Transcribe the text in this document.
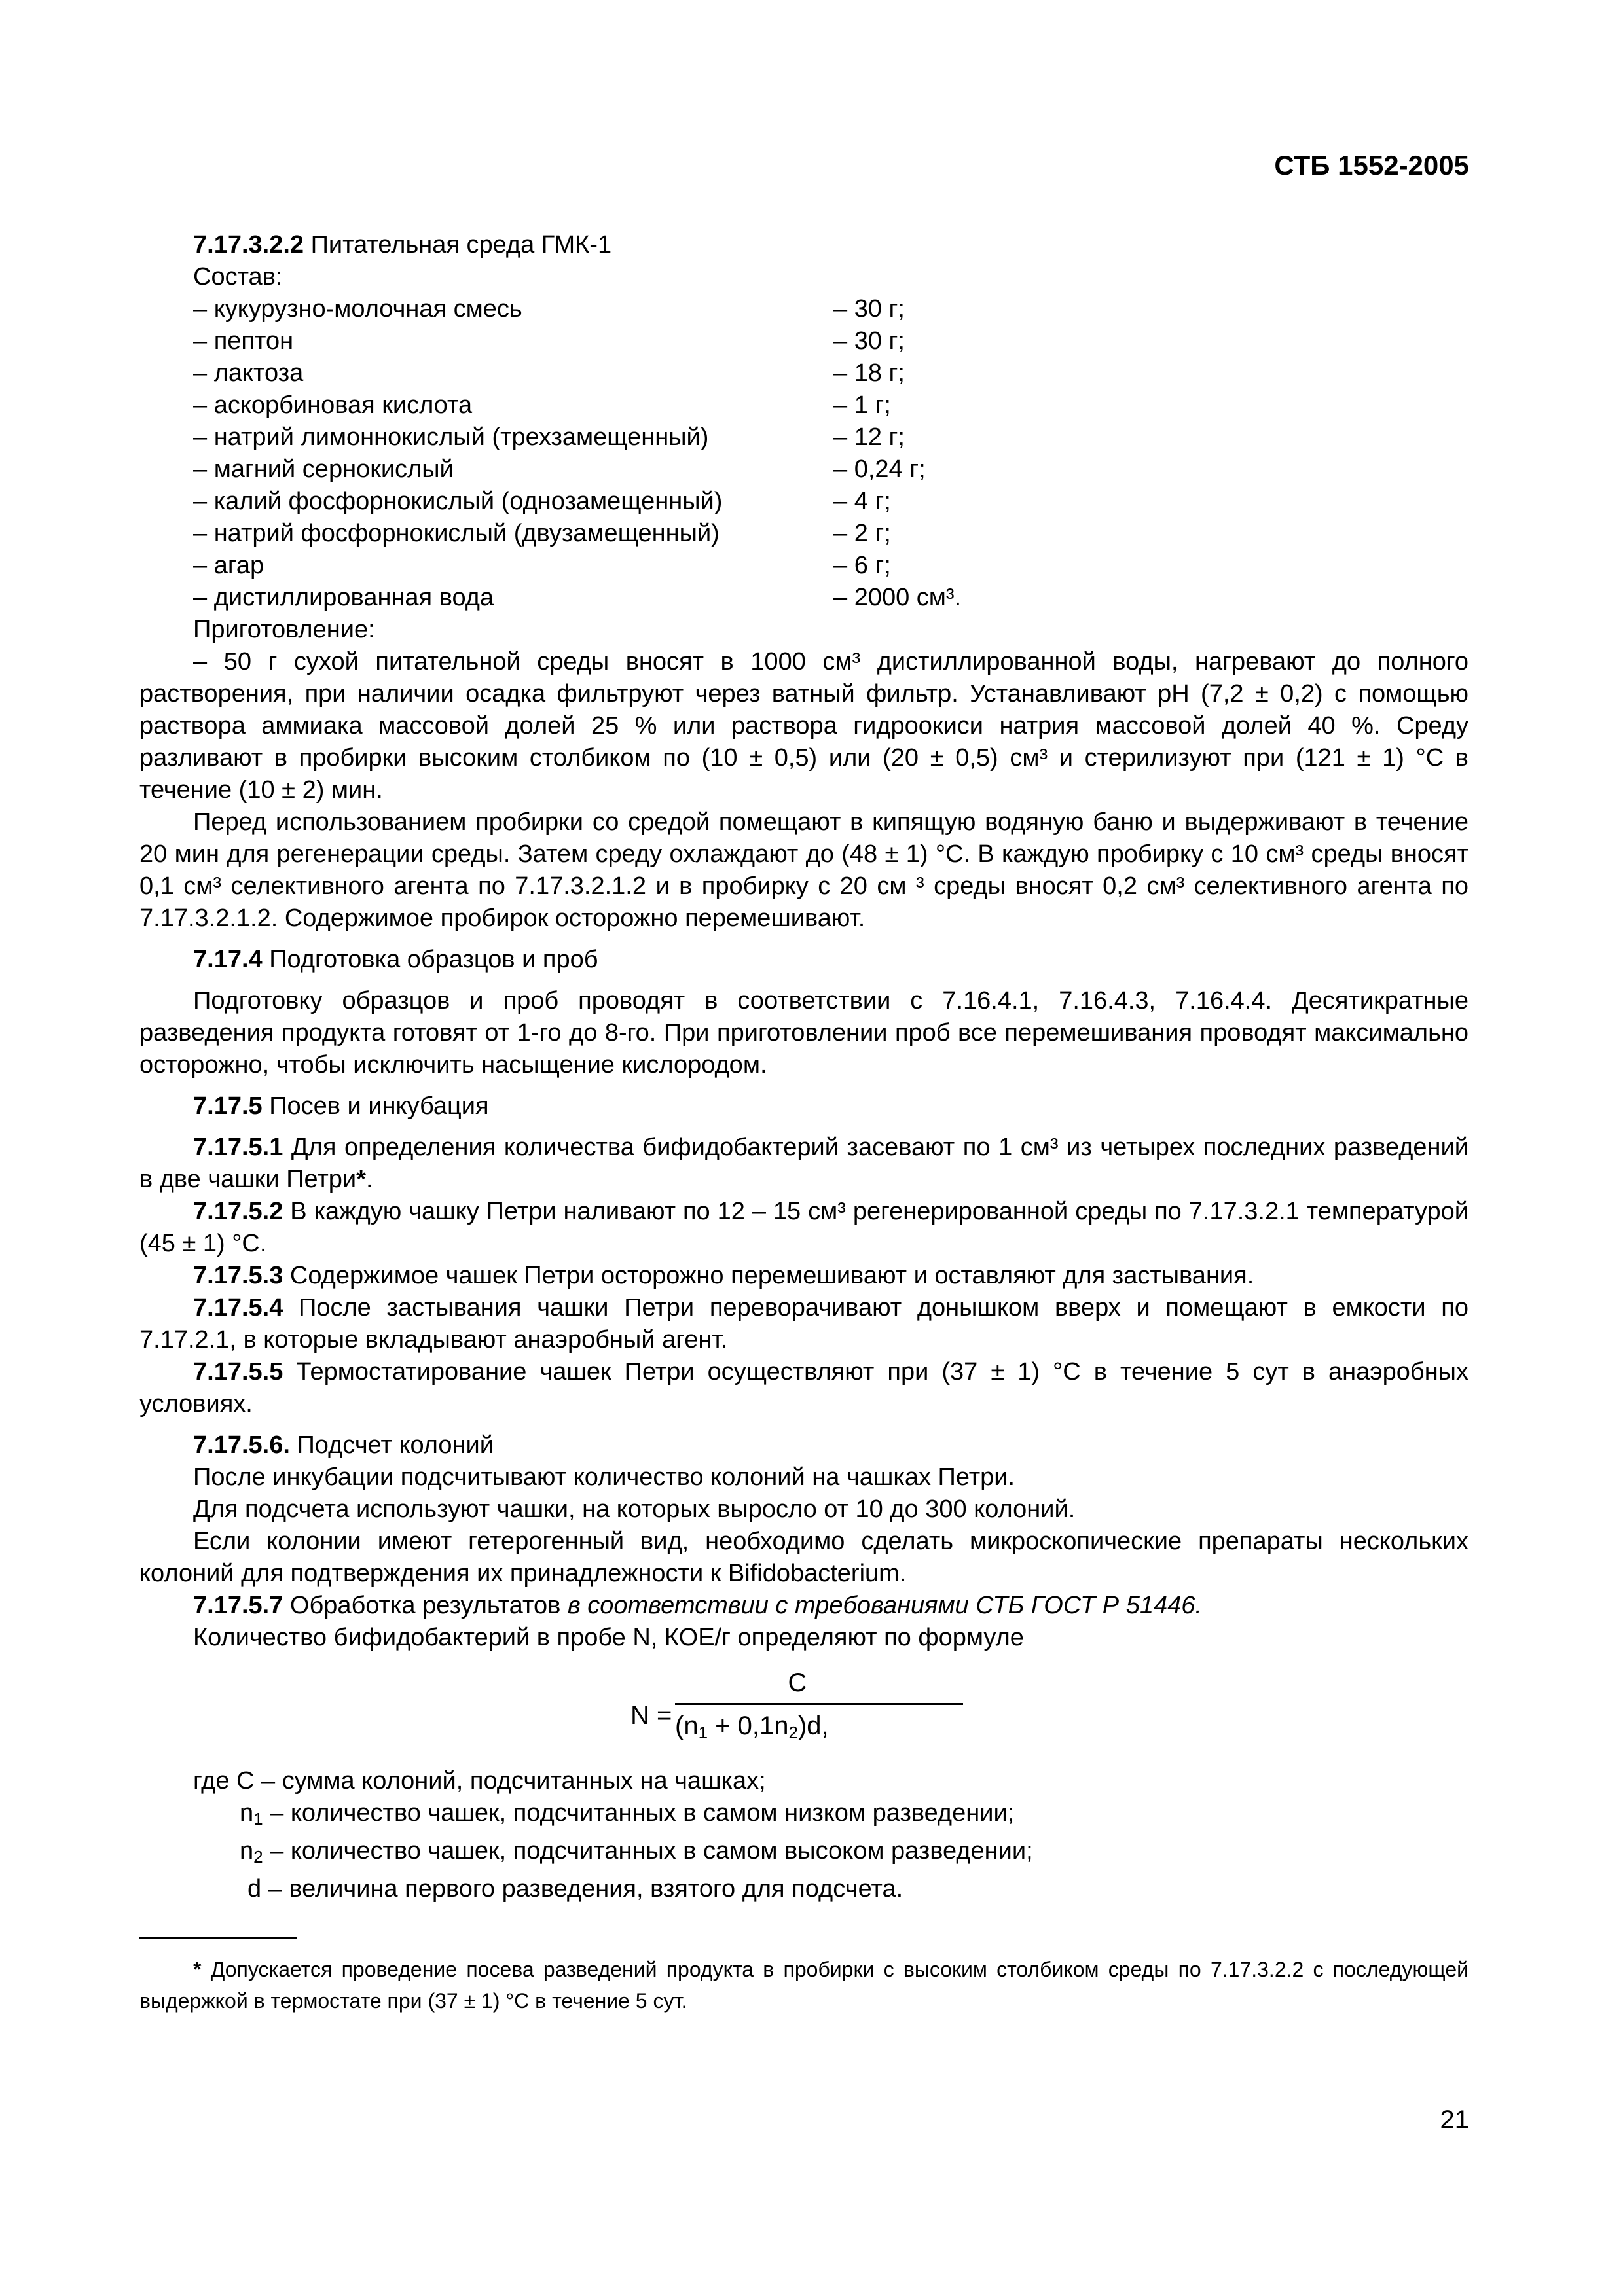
СТБ 1552-2005

7.17.3.2.2 Питательная среда ГМК-1

Состав:

– кукурузно-молочная смесь	– 30 г;
– пептон	– 30 г;
– лактоза	– 18 г;
– аскорбиновая кислота	– 1 г;
– натрий лимоннокислый (трехзамещенный)	– 12 г;
– магний сернокислый	– 0,24 г;
– калий фосфорнокислый (однозамещенный)	– 4 г;
– натрий фосфорнокислый (двузамещенный)	– 2 г;
– агар	– 6 г;
– дистиллированная вода	– 2000 см³.

Приготовление:

– 50 г сухой питательной среды вносят в 1000 см³ дистиллированной воды, нагревают до полного растворения, при наличии осадка фильтруют через ватный фильтр. Устанавливают рН (7,2 ± 0,2) с помощью раствора аммиака массовой долей 25 % или раствора гидроокиси натрия массовой долей 40 %. Среду разливают в пробирки высоким столбиком по (10 ± 0,5) или (20 ± 0,5) см³ и стерилизуют при (121 ± 1) °С в течение (10 ± 2) мин.

Перед использованием пробирки со средой помещают в кипящую водяную баню и выдерживают в течение 20 мин для регенерации среды. Затем среду охлаждают до (48 ± 1) °С. В каждую пробирку с 10 см³ среды вносят 0,1 см³ селективного агента по 7.17.3.2.1.2 и в пробирку с 20 см ³ среды вносят 0,2 см³ селективного агента по 7.17.3.2.1.2. Содержимое пробирок осторожно перемешивают.

7.17.4 Подготовка образцов и проб

Подготовку образцов и проб проводят в соответствии с 7.16.4.1, 7.16.4.3, 7.16.4.4. Десятикратные разведения продукта готовят от 1-го до 8-го. При приготовлении проб все перемешивания проводят максимально осторожно, чтобы исключить насыщение кислородом.

7.17.5 Посев и инкубация

7.17.5.1 Для определения количества бифидобактерий засевают по 1 см³ из четырех последних разведений в две чашки Петри*.

7.17.5.2 В каждую чашку Петри наливают по 12 – 15 см³ регенерированной среды по 7.17.3.2.1 температурой (45 ± 1) °С.

7.17.5.3 Содержимое чашек Петри осторожно перемешивают и оставляют для застывания.

7.17.5.4 После застывания чашки Петри переворачивают донышком вверх и помещают в емкости по 7.17.2.1, в которые вкладывают анаэробный агент.

7.17.5.5 Термостатирование чашек Петри осуществляют при (37 ± 1) °С в течение 5 сут в анаэробных условиях.

7.17.5.6. Подсчет колоний

После инкубации подсчитывают количество колоний на чашках Петри.

Для подсчета используют чашки, на которых выросло от 10 до 300 колоний.

Если колонии имеют гетерогенный вид, необходимо сделать микроскопические препараты нескольких колоний для подтверждения их принадлежности к Bifidobacterium.

7.17.5.7 Обработка результатов в соответствии с требованиями СТБ ГОСТ Р 51446.

Количество бифидобактерий в пробе N, КОЕ/г определяют по формуле

N =
C
$(n_1 + 0,1n_2)d$,

где С – сумма колоний, подсчитанных на чашках;

$n_1$ – количество чашек, подсчитанных в самом низком разведении;

$n_2$ – количество чашек, подсчитанных в самом высоком разведении;

d – величина первого разведения, взятого для подсчета.

* Допускается проведение посева разведений продукта в пробирки с высоким столбиком среды по 7.17.3.2.2 с последующей выдержкой в термостате при (37 ± 1) °С в течение 5 сут.

21
